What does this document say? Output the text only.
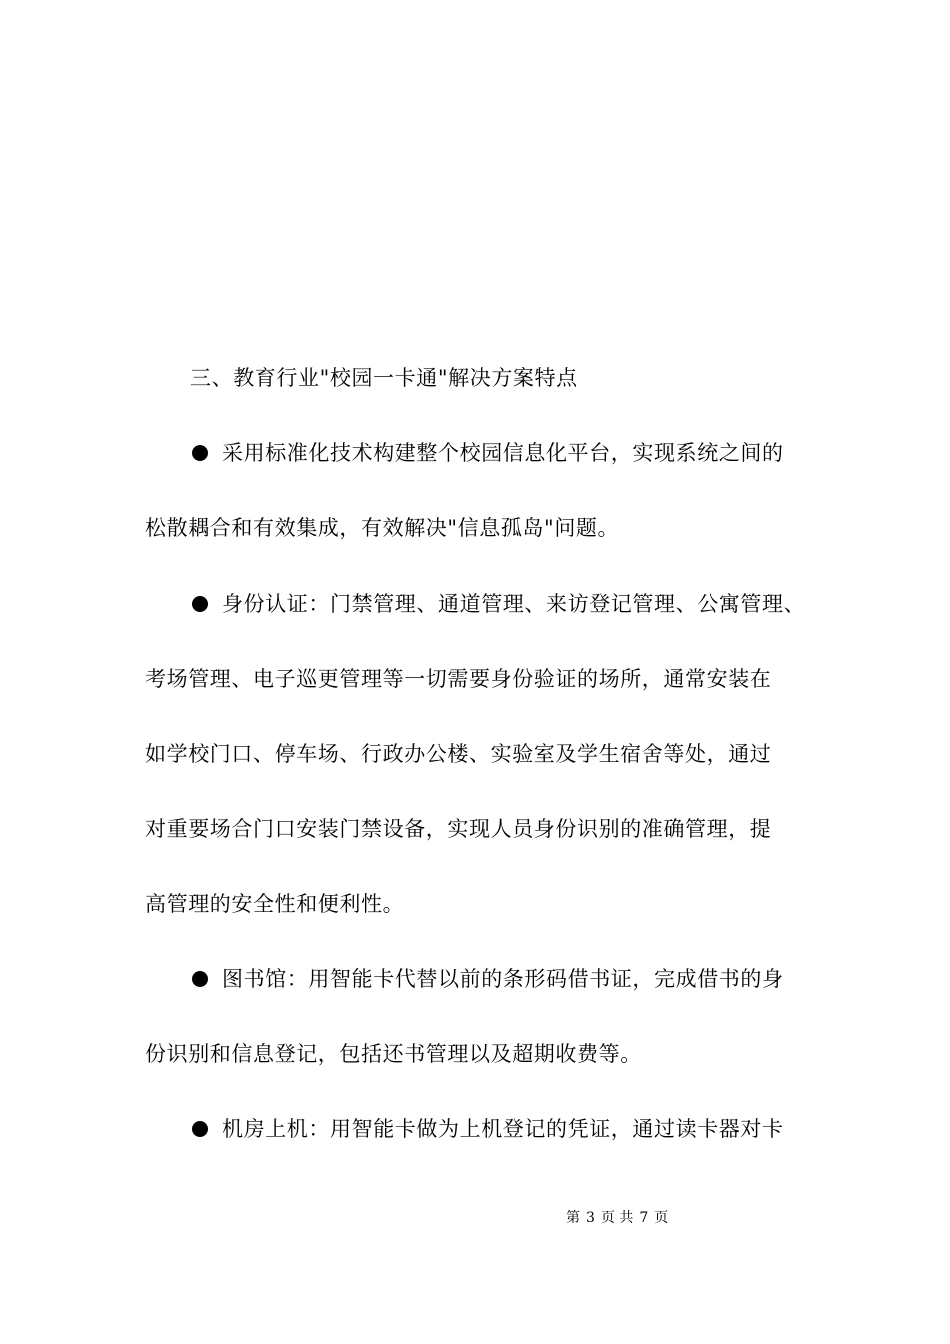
三、教育行业"校园一卡通"解决方案特点
采用标准化技术构建整个校园信息化平台，实现系统之间的
松散耦合和有效集成，有效解决"信息孤岛"问题。
身份认证：门禁管理、通道管理、来访登记管理、公寓管理、
考场管理、电子巡更管理等一切需要身份验证的场所，通常安装在
如学校门口、停车场、行政办公楼、实验室及学生宿舍等处，通过
对重要场合门口安装门禁设备，实现人员身份识别的准确管理，提
高管理的安全性和便利性。
图书馆：用智能卡代替以前的条形码借书证，完成借书的身
份识别和信息登记，包括还书管理以及超期收费等。
机房上机：用智能卡做为上机登记的凭证，通过读卡器对卡
第 3 页 共 7 页
